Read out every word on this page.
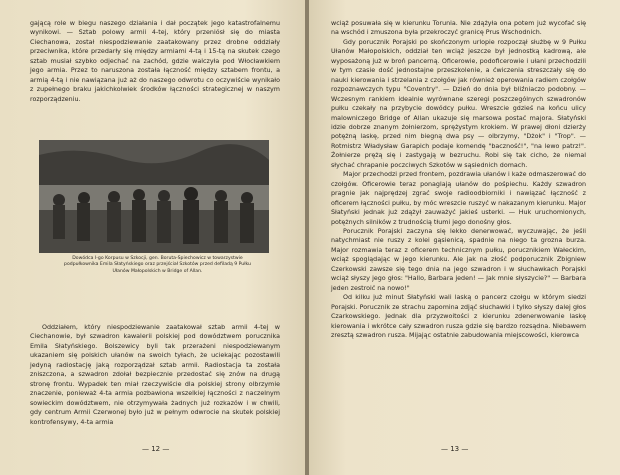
gającą role w biegu naszego działania i dał początek jego katastrofalnemu wynikowi. — Sztab polowy armii 4-tej, który przeniósł się do miasta Ciechanowa, został niespodziewanie zaatakowany przez drobne oddziały przeciwnika, które przedarły się między armiami 4-tą i 15-tą na skutek czego sztab musiał szybko odjechać na zachód, gdzie walczyła pod Włocławkiem jego armia. Przez to naruszona została łączność między sztabem frontu, a armią 4-tą i nie nawiązana już aż do naszego odwrotu co oczywiście wynikało z zupełnego braku jakichkolwiek środków łączności strategicznej w naszym rozporządzeniu.

Dowódca I-go Korpusu w Szkocji, gen. Boruta-Spiechowicz w towarzystwie podpułkownika Emila Słatyńskiego oraz przejściał Szkotów przed defiladą 9 Pułku Ułanów Małopolskich w Bridge of Allan.

Oddziałem, który niespodziewanie zaatakował sztab armii 4-tej w Ciechanowie, był szwadron kawalerii polskiej pod dowództwem porucznika Emila Słatyńskiego. Bolszewicy byli tak przerażeni niespodziewanym ukazaniem się polskich ułanów na swoich tyłach, że uciekając pozostawili jedyną radiostację jaką rozporządzał sztab armii. Radiostacja ta została zniszczona, a szwadron zdołał bezpiecznie przedostać się znów na drugą stronę frontu. Wypadek ten miał rzeczywiście dla polskiej strony olbrzymie znaczenie, ponieważ 4-ta armia pozbawiona wszelkiej łączności z naczelnym sowieckim dowództwem, nie otrzymywała żadnych już rozkazów i w chwili, gdy centrum Armii Czerwonej było już w pełnym odwrocie na skutek polskiej kontrofensywy, 4-ta armia

— 12 —

wciąż posuwała się w kierunku Torunia. Nie zdążyła ona potem już wycofać się na wschód i zmuszona była przekroczyć granicę Prus Wschodnich.

Gdy porucznik Porajski po skończonym urlopie rozpoczął służbę w 9 Pułku Ułanów Małopolskich, oddział ten wciąż jeszcze był jednostką kadrową, ale wyposażoną już w broń pancerną. Oficerowie, podoficerowie i ułani przechodzili w tym czasie dość jednostajne przeszkolenie, a ćwiczenia streszczały się do nauki kierowania i strzelania z czołgów jak również operowania radiem czołgów rozpoznawczych typu "Coventry". — Dzień do dnia był bliźniaczo podobny. — Wczesnym rankiem idealnie wyrównane szeregi poszczególnych szwadronów pułku czekały na przybycie dowódcy pułku. Wreszcie gdzieś na końcu ulicy malowniczego Bridge of Allan ukazuje się marsowa postać majora. Słatyński idzie dobrze znanym żołnierzom, sprężystym krokiem. W prawej dłoni dzierży potężną laskę, przed nim biegną dwa psy — olbrzymy, "Dżok" i "Trop". — Rotmistrz Władysław Garapich podaje komendę "baczność!", "na lewo patrz!". Żołnierze prężą się i zastygają w bezruchu. Robi się tak cicho, że niemal słychać chrapanie poczciwych Szkotów w sąsiednich domach.

Major przechodzi przed frontem, pozdrawia ułanów i każe odmaszerować do czołgów. Oficerowie teraz ponaglają ułanów do pośpiechu. Każdy szwadron pragnie jak najprędzej zgrać swoje radioodbiorniki i nawiązać łączność z oficerem łączności pułku, by móc wreszcie ruszyć w nakazanym kierunku. Major Słatyński jednak już zdążył zauważyć jakieś usterki. — Huk uruchomionych, potężnych silników z trudnością tłumi jego donośny głos.

Porucznik Porajski zaczyna się lekko denerwować, wyczuwając, że jeśli natychmiast nie ruszy z kolei gąsienicą, spadnie na niego ta grozna burza. Major rozmawia teraz z oficerem technicznym pułku, porucznikiem Wałeckim, wciąż spoglądając w jego kierunku. Ale jak na złość podporucznik Zbigniew Czerkowski zawsze się tego dnia na jego szwadron i w słuchawkach Porajski wciąż słyszy jego głos: "Hallo, Barbara jeden! — Jak mnie słyszycie?" — Barbara jeden zestroić na nowo!"

Od kilku już minut Słatyński wali laską o pancerz czołgu w którym siedzi Porajski. Porucznik ze strachu zapomina zdjąć słuchawki i tylko słyszy dalej głos Czarkowskiego. Jednak dla przyzwoitości z kierunku zdenerwowanie laskę kierowania i wkrótce cały szwadron rusza gdzie się bardzo rozsądna. Niebawem zresztą szwadron rusza. Mijając ostatnie zabudowania miejscowości, kierowca

— 13 —
